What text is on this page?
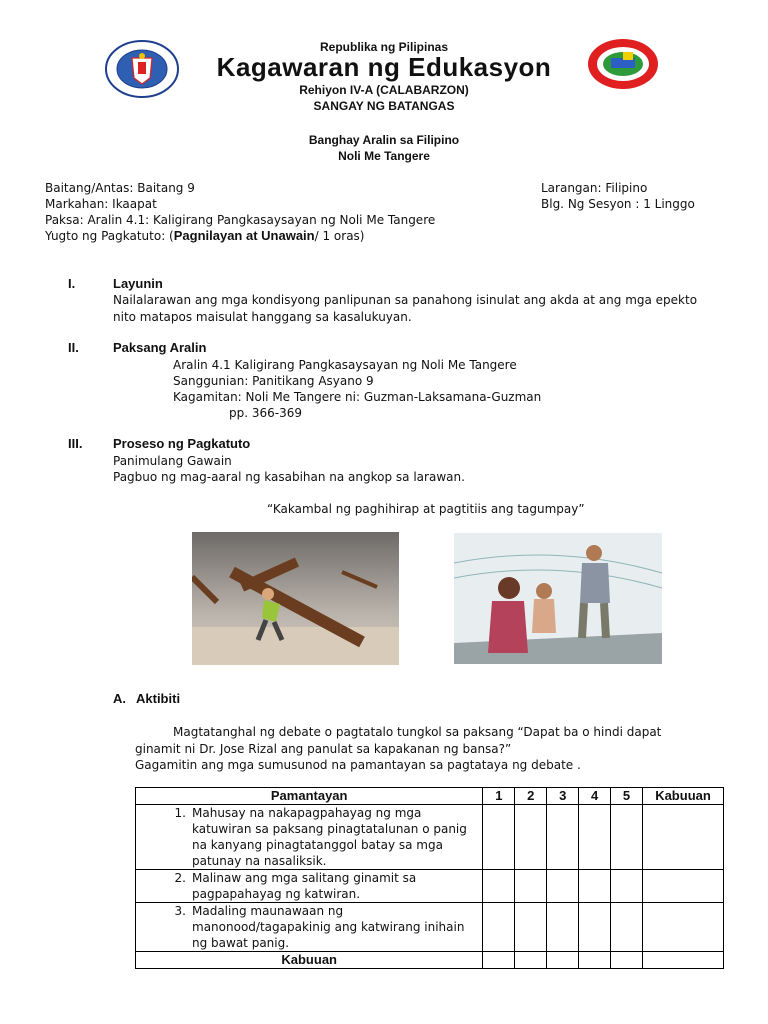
Republika ng Pilipinas
Kagawaran ng Edukasyon
Rehiyon IV-A (CALABARZON)
SANGAY NG BATANGAS
Banghay Aralin sa Filipino
Noli Me Tangere
Baitang/Antas: Baitang 9
Markahan: Ikaapat
Paksa: Aralin 4.1: Kaligirang Pangkasaysayan ng Noli Me Tangere
Yugto ng Pagkatuto: (Pagnilayan at Unawain/ 1 oras)
Larangan: Filipino
Blg. Ng Sesyon : 1 Linggo
I.	Layunin
Nailalarawan ang mga kondisyong panlipunan sa panahong isinulat ang akda at ang mga epekto
nito matapos maisulat hanggang sa kasalukuyan.
II.	Paksang Aralin
Aralin 4.1 Kaligirang Pangkasaysayan ng Noli Me Tangere
Sanggunian: Panitikang Asyano 9
Kagamitan: Noli Me Tangere ni: Guzman-Laksamana-Guzman
pp. 366-369
III. Proseso ng Pagkatuto
Panimulang Gawain
Pagbuo ng mag-aaral ng kasabihan na angkop sa larawan.
“Kakambal ng paghihirap at pagtitiis ang tagumpay”
A. Aktibiti
Magtatanghal ng debate o pagtatalo tungkol sa paksang “Dapat ba o hindi dapat
ginamit ni Dr. Jose Rizal ang panulat sa kapakanan ng bansa?”
Gagamitin ang mga sumusunod na pamantayan sa pagtataya ng debate .
Pamantayan	1	2	3	4	5	Kabuuan

1. Mahusay na nakapagpahayag ng mga
katuwiran sa paksang pinagtatalunan o panig
na kanyang pinagtatanggol batay sa mga
patunay na nasaliksik.						

2. Malinaw ang mga salitang ginamit sa
pagpapahayag ng katwiran.						

3. Madaling maunawaan ng
manonood/tagapakinig ang katwirang inihain
ng bawat panig.						

Kabuuan						
